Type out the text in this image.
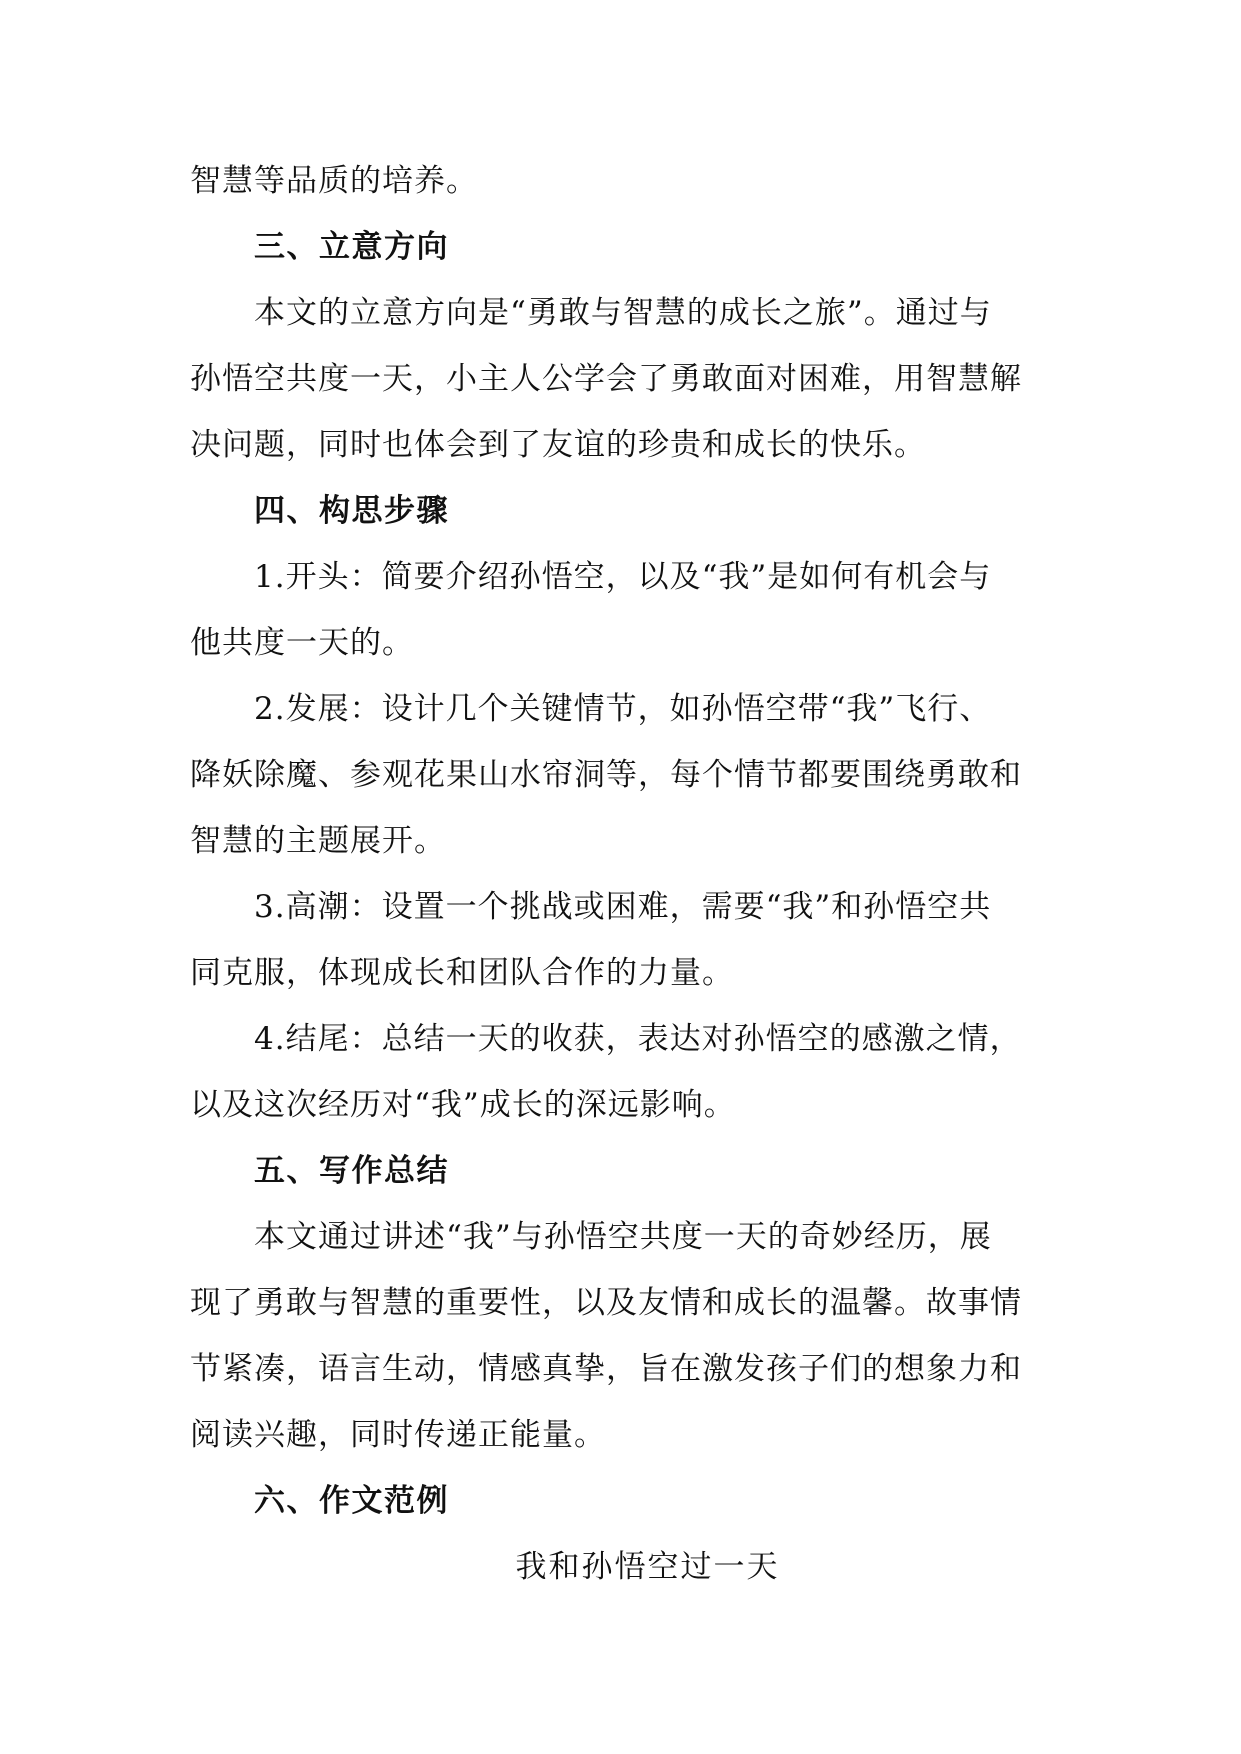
智慧等品质的培养。

三、立意方向

本文的立意方向是“勇敢与智慧的成长之旅”。通过与

孙悟空共度一天，小主人公学会了勇敢面对困难，用智慧解

决问题，同时也体会到了友谊的珍贵和成长的快乐。

四、构思步骤

1.开头：简要介绍孙悟空，以及“我”是如何有机会与

他共度一天的。

2.发展：设计几个关键情节，如孙悟空带“我”飞行、

降妖除魔、参观花果山水帘洞等，每个情节都要围绕勇敢和

智慧的主题展开。

3.高潮：设置一个挑战或困难，需要“我”和孙悟空共

同克服，体现成长和团队合作的力量。

4.结尾：总结一天的收获，表达对孙悟空的感激之情，

以及这次经历对“我”成长的深远影响。

五、写作总结

本文通过讲述“我”与孙悟空共度一天的奇妙经历，展

现了勇敢与智慧的重要性，以及友情和成长的温馨。故事情

节紧凑，语言生动，情感真挚，旨在激发孩子们的想象力和

阅读兴趣，同时传递正能量。

六、作文范例

我和孙悟空过一天
